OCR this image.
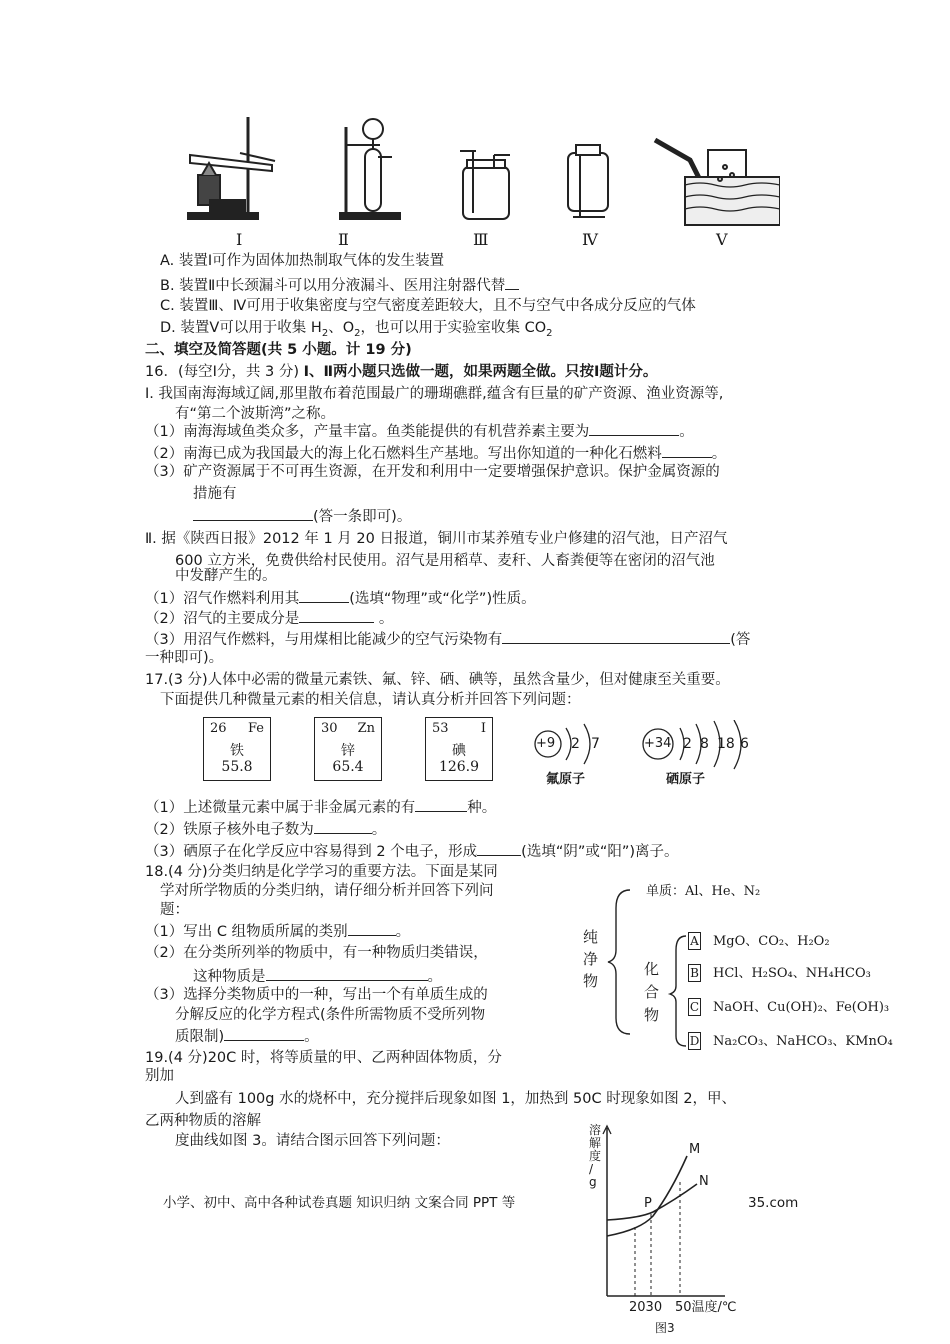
Ⅰ	Ⅱ	Ⅲ	Ⅳ	Ⅴ
A. 装置Ⅰ可作为固体加热制取气体的发生装置
B. 装置Ⅱ中长颈漏斗可以用分液漏斗、医用注射器代替
C. 装置Ⅲ、Ⅳ可用于收集密度与空气密度差距较大，且不与空气中各成分反应的气体
D. 装置Ⅴ可以用于收集 $H_2$、$O_2$，也可以用于实验室收集 $CO_2$
二、填空及简答题(共 5 小题。计 19 分)
16．(每空Ⅰ分，共 3 分) Ⅰ、Ⅱ两小题只选做一题，如果两题全做。只按Ⅰ题计分。
I. 我国南海海域辽阔,那里散布着范围最广的珊瑚礁群,蕴含有巨量的矿产资源、渔业资源等,
有“第二个波斯湾”之称。
（1）南海海域鱼类众多，产量丰富。鱼类能提供的有机营养素主要为	。
（2）南海已成为我国最大的海上化石燃料生产基地。写出你知道的一种化石燃料	。
（3）矿产资源属于不可再生资源，在开发和利用中一定要增强保护意识。保护金属资源的
措施有
(答一条即可)。
Ⅱ. 据《陕西日报》2012 年 1 月 20 日报道，铜川市某养殖专业户修建的沼气池，日产沼气
600 立方米，免费供给村民使用。沼气是用稻草、麦秆、人畜粪便等在密闭的沼气池
中发酵产生的。
（1）沼气作燃料利用其	(选填“物理”或“化学”)性质。
（2）沼气的主要成分是	。
（3）用沼气作燃料，与用煤相比能减少的空气污染物有	(答
一种即可)。
17.(3 分)人体中必需的微量元素铁、氟、锌、硒、碘等，虽然含量少，但对健康至关重要。
下面提供几种微量元素的相关信息，请认真分析并回答下列问题：
26 Fe
铁
55.8
30 Zn
锌
65.4
53 I
碘
126.9
+9 2 7
氟原子
+34 2 8 18 6
硒原子
（1）上述微量元素中属于非金属元素的有	种。
（2）铁原子核外电子数为	。
（3）硒原子在化学反应中容易得到 2 个电子，形成	(选填“阴”或“阳”)离子。
18.(4 分)分类归纳是化学学习的重要方法。下面是某同
学对所学物质的分类归纳，请仔细分析并回答下列问
题：
（1）写出 C 组物质所属的类别	。
（2）在分类所列举的物质中，有一种物质归类错误，
这种物质是	。
（3）选择分类物质中的一种，写出一个有单质生成的
分解反应的化学方程式(条件所需物质不受所列物
质限制)	。
纯
净
物
化
合
物
单质：Al、He、N₂
A MgO、CO₂、H₂O₂
B HCl、H₂SO₄、NH₄HCO₃
C NaOH、Cu(OH)₂、Fe(OH)₃
D Na₂CO₃、NaHCO₃、KMnO₄
19.(4 分)20C 时，将等质量的甲、乙两种固体物质，分
别加
人到盛有 100g 水的烧杯中，充分搅拌后现象如图 1，加热到 50C 时现象如图 2，甲、
乙两种物质的溶解
度曲线如图 3。请结合图示回答下列问题：
溶
解
度
/
g
M
N
P
2030 50温度/℃
图3
小学、初中、高中各种试卷真题 知识归纳 文案合同 PPT 等	35.com
